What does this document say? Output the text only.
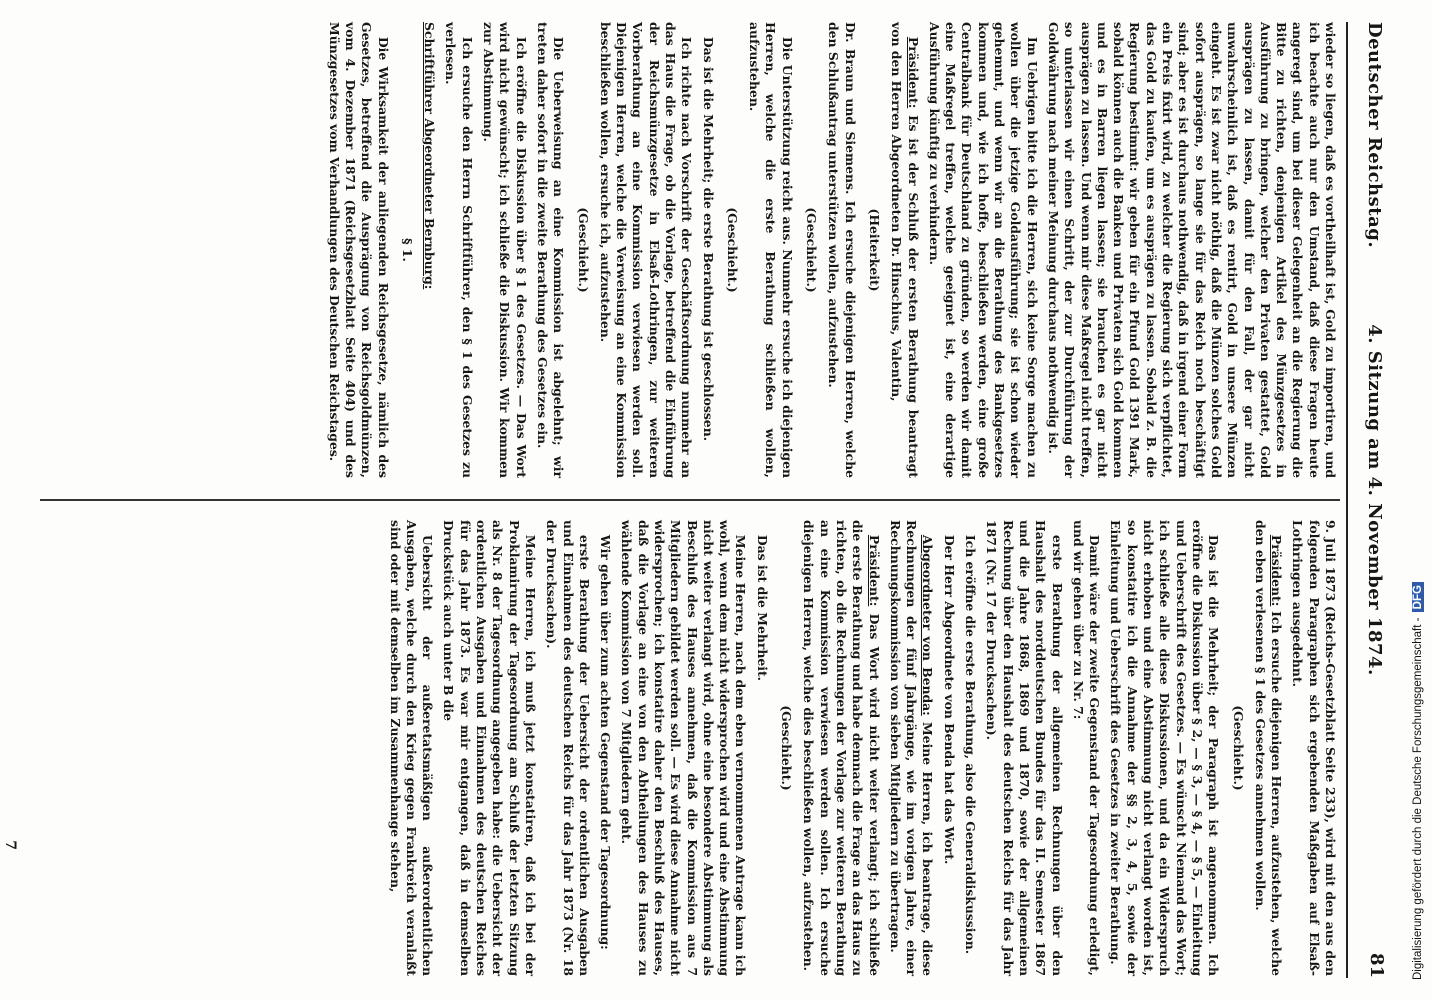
Deutscher Reichstag.
4. Sitzung am 4. November 1874.
81

wieder so liegen, daß es vortheilhaft ist, Gold zu importiren, und ich beachte auch nur den Umstand, daß diese Fragen heute angeregt sind, um bei dieser Gelegenheit an die Regierung die Bitte zu richten, denjenigen Artikel des Münzgesetzes in Ausführung zu bringen, welcher den Privaten gestattet, Gold ausprägen zu lassen, damit für den Fall, der gar nicht unwahrscheinlich ist, daß es rentirt, Gold in unsere Münzen eingeht. Es ist zwar nicht nöthig, daß die Münzen solches Gold sofort ausprägen, so lange sie für das Reich noch beschäftigt sind; aber es ist durchaus nothwendig, daß in irgend einer Form ein Preis fixirt wird, zu welcher die Regierung sich verpflichtet, das Gold zu kaufen, um es ausprägen zu lassen. Sobald z. B. die Regierung bestimmt: wir geben für ein Pfund Gold 1391 Mark, sobald können auch die Banken und Privaten sich Gold kommen und es in Barren liegen lassen; sie brauchen es gar nicht ausprägen zu lassen. Und wenn mir diese Maßregel nicht treffen, so unterlassen wir einen Schritt, der zur Durchführung der Goldwährung nach meiner Meinung durchaus nothwendig ist.

Im Uebrigen bitte ich die Herren, sich keine Sorge machen zu wollen über die jetzige Goldausführung; sie ist schon wieder gehemmt, und wenn wir an die Berathung des Bankgesetzes kommen und, wie ich hoffe, beschließen werden, eine große Centralbank für Deutschland zu gründen, so werden wir damit eine Maßregel treffen, welche geeignet ist, eine derartige Ausführung künftig zu verhindern.

Präsident: Es ist der Schluß der ersten Berathung beantragt von den Herren Abgeordneten Dr. Hinschius, Valentin,

(Heiterkeit)

Dr. Braun und Siemens. Ich ersuche diejenigen Herren, welche den Schlußantrag unterstützen wollen, aufzustehen.

(Geschieht.)

Die Unterstützung reicht aus. Nunmehr ersuche ich diejenigen Herren, welche die erste Berathung schließen wollen, aufzustehen.

(Geschieht.)

Das ist die Mehrheit; die erste Berathung ist geschlossen.

Ich richte nach Vorschrift der Geschäftsordnung nunmehr an das Haus die Frage, ob die Vorlage, betreffend die Einführung der Reichsmünzgesetze in Elsaß-Lothringen, zur weiteren Vorberathung an eine Kommission verwiesen werden soll. Diejenigen Herren, welche die Verweisung an eine Kommission beschließen wollen, ersuche ich, aufzustehen.

(Geschieht.)

Die Ueberweisung an eine Kommission ist abgelehnt; wir treten daher sofort in die zweite Berathung des Gesetzes ein.

Ich eröffne die Diskussion über § 1 des Gesetzes. — Das Wort wird nicht gewünscht; ich schließe die Diskussion. Wir kommen zur Abstimmung.

Ich ersuche den Herrn Schriftführer, den § 1 des Gesetzes zu verlesen.

Schriftführer Abgeordneter Bernburg:

§ 1.

Die Wirksamkeit der anliegenden Reichsgesetze, nämlich des Gesetzes, betreffend die Ausprägung von Reichsgoldmünzen, vom 4. Dezember 1871 (Reichsgesetzblatt Seite 404) und des Münzgesetzes vom Verhandlungen des Deutschen Reichstages.

9. Juli 1873 (Reichs-Gesetzblatt Seite 233), wird mit den aus den folgenden Paragraphen sich ergebenden Maßgaben auf Elsaß-Lothringen ausgedehnt.

Präsident: Ich ersuche diejenigen Herren, aufzustehen, welche den eben verlesenen § 1 des Gesetzes annehmen wollen.

(Geschieht.)

Das ist die Mehrheit; der Paragraph ist angenommen. Ich eröffne die Diskussion über § 2, — § 3, — § 4, — § 5, — Einleitung und Ueberschrift des Gesetzes. — Es wünscht Niemand das Wort; ich schließe alle diese Diskussionen, und da ein Widerspruch nicht erhoben und eine Abstimmung nicht verlangt worden ist, so konstatire ich die Annahme der §§ 2, 3, 4, 5, sowie der Einleitung und Ueberschrift des Gesetzes in zweiter Berathung.

Damit wäre der zweite Gegenstand der Tagesordnung erledigt, und wir gehen über zu Nr. 7:

erste Berathung der allgemeinen Rechnungen über den Haushalt des norddeutschen Bundes für das II. Semester 1867 und die Jahre 1868, 1869 und 1870, sowie der allgemeinen Rechnung über den Haushalt des deutschen Reichs für das Jahr 1871 (Nr. 17 der Drucksachen).

Ich eröffne die erste Berathung, also die Generaldiskussion.

Der Herr Abgeordnete von Benda hat das Wort.

Abgeordneter von Benda: Meine Herren, ich beantrage, diese Rechnungen der fünf Jahrgänge, wie im vorigen Jahre, einer Rechnungskommission von sieben Mitgliedern zu übertragen.

Präsident: Das Wort wird nicht weiter verlangt; ich schließe die erste Berathung und habe demnach die Frage an das Haus zu richten, ob die Rechnungen der Vorlage zur weiteren Berathung an eine Kommission verwiesen werden sollen. Ich ersuche diejenigen Herren, welche dies beschließen wollen, aufzustehen.

(Geschieht.)

Das ist die Mehrheit.

Meine Herren, nach dem eben vernommenen Antrage kann ich wohl, wenn dem nicht widersprochen wird und eine Abstimmung nicht weiter verlangt wird, ohne eine besondere Abstimmung als Beschluß des Hauses annehmen, daß die Kommission aus 7 Mitgliedern gebildet werden soll. — Es wird diese Annahme nicht widersprochen; ich konstatire daher den Beschluß des Hauses, daß die Vorlage an eine von den Abtheilungen des Hauses zu wählende Kommission von 7 Mitgliedern geht.

Wir gehen über zum achten Gegenstand der Tagesordnung:

erste Berathung der Uebersicht der ordentlichen Ausgaben und Einnahmen des deutschen Reichs für das Jahr 1873 (Nr. 18 der Drucksachen).

Meine Herren, ich muß jetzt konstatiren, daß ich bei der Proklamirung der Tagesordnung am Schluß der letzten Sitzung als Nr. 8 der Tagesordnung angegeben habe: die Uebersicht der ordentlichen Ausgaben und Einnahmen des deutschen Reiches für das Jahr 1873. Es war mir entgangen, daß in demselben Druckstück auch unter B die

Uebersicht der außeretatsmäßigen außerordentlichen Ausgaben, welche durch den Krieg gegen Frankreich veranlaßt sind oder mit demselben im Zusammenhange stehen,

7	Digitalisierung gefördert durch die Deutsche Forschungsgemeinschaft - DFG
